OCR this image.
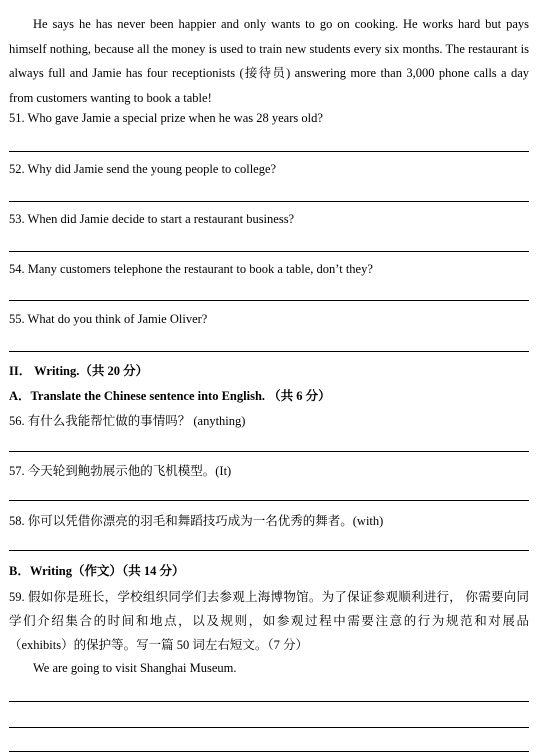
He says he has never been happier and only wants to go on cooking. He works hard but pays himself nothing, because all the money is used to train new students every six months. The restaurant is always full and Jamie has four receptionists (接待员) answering more than 3,000 phone calls a day from customers wanting to book a table!
51. Who gave Jamie a special prize when he was 28 years old?
52. Why did Jamie send the young people to college?
53. When did Jamie decide to start a restaurant business?
54. Many customers telephone the restaurant to book a table, don’t they?
55. What do you think of Jamie Oliver?
II． Writing.（共 20 分）
A．Translate the Chinese sentence into English. （共 6 分）
56. 有什么我能帮忙做的事情吗？ (anything)
57. 今天轮到鲍勃展示他的飞机模型。(It)
58. 你可以凭借你漂亮的羽毛和舞蹈技巧成为一名优秀的舞者。(with)
B．Writing（作文）（共 14 分）
59. 假如你是班长，学校组织同学们去参观上海博物馆。为了保证参观顺利进行， 你需要向同学们介绍集合的时间和地点，以及规则，如参观过程中需要注意的行为规范和对展品（exhibits）的保护等。写一篇 50 词左右短文。（7 分）
We are going to visit Shanghai Museum.
